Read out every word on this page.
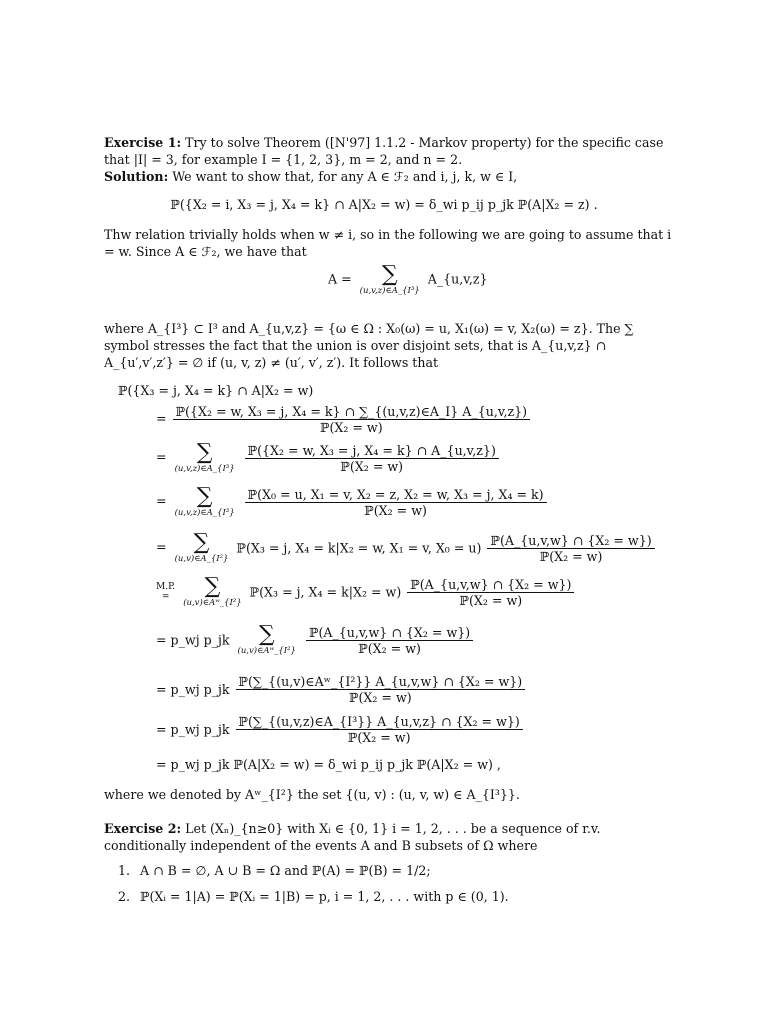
Exercise 1: Try to solve Theorem ([N'97] 1.1.2 - Markov property) for the specific case that |I| = 3, for example I = {1, 2, 3}, m = 2, and n = 2.
Solution: We want to show that, for any A ∈ ℱ₂ and i, j, k, w ∈ I,
ℙ({X₂ = i, X₃ = j, X₄ = k} ∩ A|X₂ = w) = δ_wi p_ij p_jk ℙ(A|X₂ = z) .
Thw relation trivially holds when w ≠ i, so in the following we are going to assume that i = w. Since A ∈ ℱ₂, we have that
A =	∑
(u,v,z)∈A_{I³}
A_{u,v,z}
where A_{I³} ⊂ I³ and A_{u,v,z} = {ω ∈ Ω : X₀(ω) = u, X₁(ω) = v, X₂(ω) = z}. The ∑ symbol stresses the fact that the union is over disjoint sets, that is A_{u,v,z} ∩ A_{u′,v′,z′} = ∅ if (u, v, z) ≠ (u′, v′, z′). It follows that
ℙ({X₃ = j, X₄ = k} ∩ A|X₂ = w)
= $\frac{\text{ℙ(\{X₂ = w, X₃ = j, X₄ = k\} ∩ ∑\_\{(u,v,z)∈A\_I\} A\_\{u,v,z\})}}{\text{ℙ(X₂ = w)}}$
=	∑
(u,v,z)∈A_{I³}
$\frac{\text{ℙ(\{X₂ = w, X₃ = j, X₄ = k\} ∩ A\_\{u,v,z\})}}{\text{ℙ(X₂ = w)}}$
=	∑
(u,v,z)∈A_{I³}
$\frac{\text{ℙ(X₀ = u, X₁ = v, X₂ = z, X₂ = w, X₃ = j, X₄ = k)}}{\text{ℙ(X₂ = w)}}$
=	∑
(u,v)∈A_{I²}
ℙ(X₃ = j, X₄ = k|X₂ = w, X₁ = v, $X_0 = u) \frac{\text{ℙ(A\_\{u,v,w\} ∩ \{X₂ = w\})}}{\text{ℙ(X₂ = w)}}$
M.P.
=	∑
(u,v)∈Aʷ_{I²}
ℙ(X₃ = j, $X_4 = k|X_2 = w) \frac{\text{ℙ(A\_\{u,v,w\} ∩ \{X₂ = w\})}}{\text{ℙ(X₂ = w)}}$
= p_wj p_jk	∑
(u,v)∈Aʷ_{I²}
$\frac{\text{ℙ(A\_\{u,v,w\} ∩ \{X₂ = w\})}}{\text{ℙ(X₂ = w)}}$
= p_wj p_jk $\frac{\text{ℙ(∑\_\{(u,v)∈Aʷ\_\{I²\}\} A\_\{u,v,w\} ∩ \{X₂ = w\})}}{\text{ℙ(X₂ = w)}}$
= p_wj p_jk $\frac{\text{ℙ(∑\_\{(u,v,z)∈A\_\{I³\}\} A\_\{u,v,z\} ∩ \{X₂ = w\})}}{\text{ℙ(X₂ = w)}}$
= p_wj p_jk ℙ(A|X₂ = w) = δ_wi p_ij p_jk ℙ(A|X₂ = w) ,
where we denoted by Aʷ_{I²} the set {(u, v) : (u, v, w) ∈ A_{I³}}.
Exercise 2: Let (Xₙ)_{n≥0} with Xᵢ ∈ {0, 1} i = 1, 2, . . . be a sequence of r.v. conditionally independent of the events A and B subsets of Ω where
1. A ∩ B = ∅, A ∪ B = Ω and ℙ(A) = ℙ(B) = 1/2;
2. ℙ(Xᵢ = 1|A) = ℙ(Xᵢ = 1|B) = p, i = 1, 2, . . . with p ∈ (0, 1).
